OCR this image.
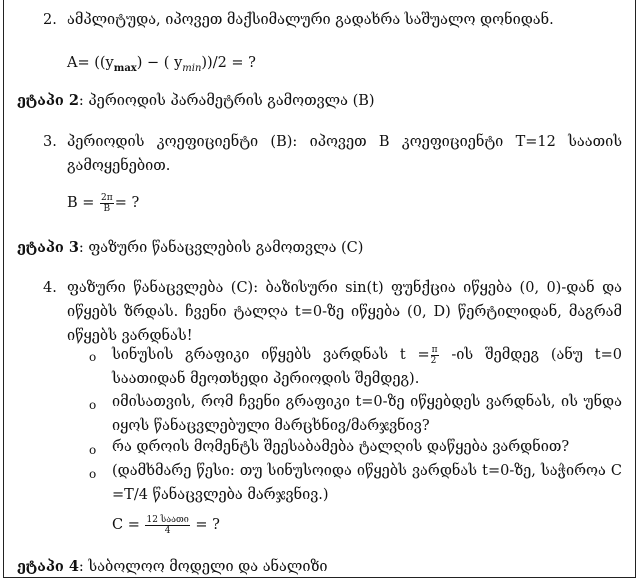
2. ამპლიტუდა, იპოვეთ მაქსიმალური გადახრა საშუალო დონიდან.
$A= ((y_{max})$ − ( $y_{min}))/2$ = ?
ეტაპი 2: პერიოდის პარამეტრის გამოთვლა (B)
3. პერიოდის კოეფიციენტი (B): იპოვეთ B კოეფიციენტი T=12 საათის გამოყენებით.
$B = \frac{2\pi}{B}$ = ?
ეტაპი 3: ფაზური წანაცვლების გამოთვლა (C)
4. ფაზური წანაცვლება (C): ბაზისური sin(t) ფუნქცია იწყება (0, 0)-დან და იწყებს ზრდას. ჩვენი ტალღა t=0-ზე იწყება (0, D) წერტილიდან, მაგრამ იწყებს ვარდნას!
o სინუსის გრაფიკი იწყებს ვარდნას $t = \frac{\pi}{2}$ -ის შემდეგ (ანუ t=0 საათიდან მეოთხედი პერიოდის შემდეგ).
o იმისათვის, რომ ჩვენი გრაფიკი t=0-ზე იწყებდეს ვარდნას, ის უნდა იყოს წანაცვლებული მარცხნივ/მარჯვნივ?
o რა დროის მომენტს შეესაბამება ტალღის დაწყება ვარდნით?
o (დამხმარე წესი: თუ სინუსოიდა იწყებს ვარდნას t=0-ზე, საჭიროა C =T/4 წანაცვლება მარჯვნივ.)
$C = \frac{\text{12 საათი}}{4}$ = ?
ეტაპი 4: საბოლოო მოდელი და ანალიზი
